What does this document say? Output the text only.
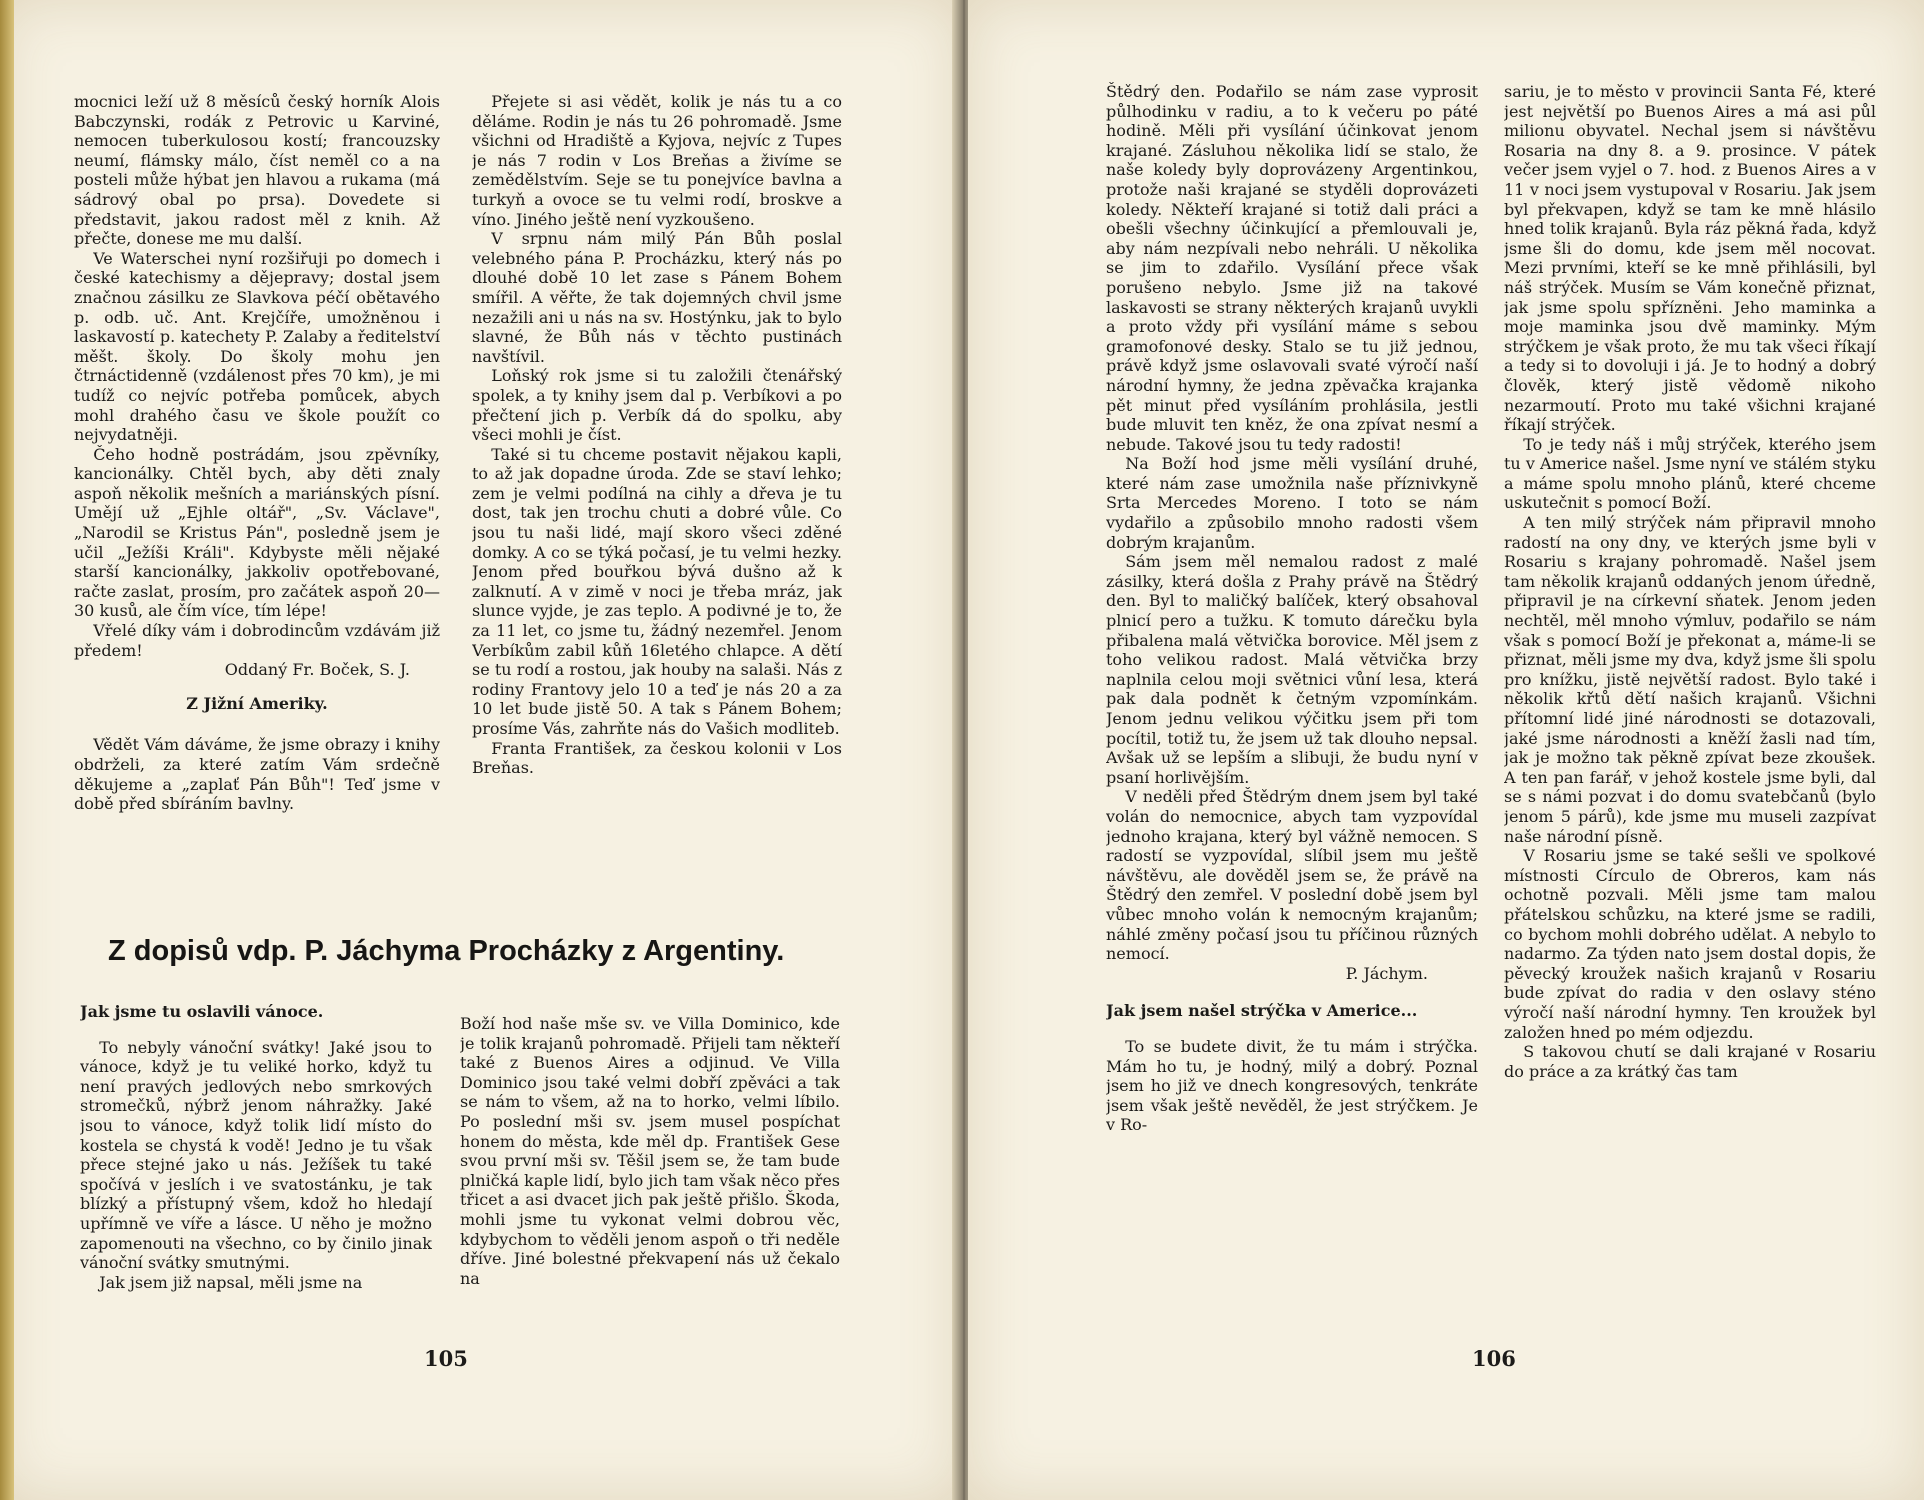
mocnici leží už 8 měsíců český horník Alois Babczynski, rodák z Petrovic u Karviné, nemocen tuberkulosou kostí; francouzsky neumí, flámsky málo, číst neměl co a na posteli může hýbat jen hlavou a rukama (má sádrový obal po prsa). Dovedete si představit, jakou radost měl z knih. Až přečte, donese me mu další.

Ve Waterschei nyní rozšiřuji po domech i české katechismy a dějepravy; dostal jsem značnou zásilku ze Slavkova péčí obětavého p. odb. uč. Ant. Krejčíře, umožněnou i laskavostí p. katechety P. Zalaby a ředitelství měšt. školy. Do školy mohu jen čtrnáctidenně (vzdálenost přes 70 km), je mi tudíž co nejvíc potřeba pomůcek, abych mohl drahého času ve škole použít co nejvydatněji.

Čeho hodně postrádám, jsou zpěvníky, kancionálky. Chtěl bych, aby děti znaly aspoň několik mešních a mariánských písní. Umějí už „Ejhle oltář", „Sv. Václave", „Narodil se Kristus Pán", posledně jsem je učil „Ježíši Králi". Kdybyste měli nějaké starší kancionálky, jakkoliv opotřebované, račte zaslat, prosím, pro začátek aspoň 20—30 kusů, ale čím více, tím lépe!

Vřelé díky vám i dobrodincům vzdávám již předem!

Oddaný Fr. Boček, S. J.

Z Jižní Ameriky.

Vědět Vám dáváme, že jsme obrazy i knihy obdrželi, za které zatím Vám srdečně děkujeme a „zaplať Pán Bůh"! Teď jsme v době před sbíráním bavlny.

Přejete si asi vědět, kolik je nás tu a co děláme. Rodin je nás tu 26 pohromadě. Jsme všichni od Hradiště a Kyjova, nejvíc z Tupes je nás 7 rodin v Los Breňas a živíme se zemědělstvím. Seje se tu ponejvíce bavlna a turkyň a ovoce se tu velmi rodí, broskve a víno. Jiného ještě není vyzkoušeno.

V srpnu nám milý Pán Bůh poslal velebného pána P. Procházku, který nás po dlouhé době 10 let zase s Pánem Bohem smířil. A věřte, že tak dojemných chvil jsme nezažili ani u nás na sv. Hostýnku, jak to bylo slavné, že Bůh nás v těchto pustinách navštívil.

Loňský rok jsme si tu založili čtenářský spolek, a ty knihy jsem dal p. Verbíkovi a po přečtení jich p. Verbík dá do spolku, aby všeci mohli je číst.

Také si tu chceme postavit nějakou kapli, to až jak dopadne úroda. Zde se staví lehko; zem je velmi podílná na cihly a dřeva je tu dost, tak jen trochu chuti a dobré vůle. Co jsou tu naši lidé, mají skoro všeci zděné domky. A co se týká počasí, je tu velmi hezky. Jenom před bouřkou bývá dušno až k zalknutí. A v zimě v noci je třeba mráz, jak slunce vyjde, je zas teplo. A podivné je to, že za 11 let, co jsme tu, žádný nezemřel. Jenom Verbíkům zabil kůň 16letého chlapce. A dětí se tu rodí a rostou, jak houby na salaši. Nás z rodiny Frantovy jelo 10 a teď je nás 20 a za 10 let bude jistě 50. A tak s Pánem Bohem; prosíme Vás, zahrňte nás do Vašich modliteb.

Franta František, za českou kolonii v Los Breňas.

Z dopisů vdp. P. Jáchyma Procházky z Argentiny.
Jak jsme tu oslavili vánoce.

To nebyly vánoční svátky! Jaké jsou to vánoce, když je tu veliké horko, když tu není pravých jedlových nebo smrkových stromečků, nýbrž jenom náhražky. Jaké jsou to vánoce, když tolik lidí místo do kostela se chystá k vodě! Jedno je tu však přece stejné jako u nás. Ježíšek tu také spočívá v jeslích i ve svatostánku, je tak blízký a přístupný všem, kdož ho hledají upřímně ve víře a lásce. U něho je možno zapomenouti na všechno, co by činilo jinak vánoční svátky smutnými.

Jak jsem již napsal, měli jsme na

Boží hod naše mše sv. ve Villa Dominico, kde je tolik krajanů pohromadě. Přijeli tam někteří také z Buenos Aires a odjinud. Ve Villa Dominico jsou také velmi dobří zpěváci a tak se nám to všem, až na to horko, velmi líbilo. Po poslední mši sv. jsem musel pospíchat honem do města, kde měl dp. František Gese svou první mši sv. Těšil jsem se, že tam bude plničká kaple lidí, bylo jich tam však něco přes třicet a asi dvacet jich pak ještě přišlo. Škoda, mohli jsme tu vykonat velmi dobrou věc, kdybychom to věděli jenom aspoň o tři neděle dříve. Jiné bolestné překvapení nás už čekalo na

105

Štědrý den. Podařilo se nám zase vyprosit půlhodinku v radiu, a to k večeru po páté hodině. Měli při vysílání účinkovat jenom krajané. Zásluhou několika lidí se stalo, že naše koledy byly doprovázeny Argentinkou, protože naši krajané se styděli doprovázeti koledy. Někteří krajané si totiž dali práci a obešli všechny účinkující a přemlouvali je, aby nám nezpívali nebo nehráli. U několika se jim to zdařilo. Vysílání přece však porušeno nebylo. Jsme již na takové laskavosti se strany některých krajanů uvykli a proto vždy při vysílání máme s sebou gramofonové desky. Stalo se tu již jednou, právě když jsme oslavovali svaté výročí naší národní hymny, že jedna zpěvačka krajanka pět minut před vysíláním prohlásila, jestli bude mluvit ten kněz, že ona zpívat nesmí a nebude. Takové jsou tu tedy radosti!

Na Boží hod jsme měli vysílání druhé, které nám zase umožnila naše příznivkyně Srta Mercedes Moreno. I toto se nám vydařilo a způsobilo mnoho radosti všem dobrým krajanům.

Sám jsem měl nemalou radost z malé zásilky, která došla z Prahy právě na Štědrý den. Byl to maličký balíček, který obsahoval plnicí pero a tužku. K tomuto dárečku byla přibalena malá větvička borovice. Měl jsem z toho velikou radost. Malá větvička brzy naplnila celou moji světnici vůní lesa, která pak dala podnět k četným vzpomínkám. Jenom jednu velikou výčitku jsem při tom pocítil, totiž tu, že jsem už tak dlouho nepsal. Avšak už se lepším a slibuji, že budu nyní v psaní horlivějším.

V neděli před Štědrým dnem jsem byl také volán do nemocnice, abych tam vyzpovídal jednoho krajana, který byl vážně nemocen. S radostí se vyzpovídal, slíbil jsem mu ještě návštěvu, ale dověděl jsem se, že právě na Štědrý den zemřel. V poslední době jsem byl vůbec mnoho volán k nemocným krajanům; náhlé změny počasí jsou tu příčinou různých nemocí.

P. Jáchym.

Jak jsem našel strýčka v Americe...

To se budete divit, že tu mám i strýčka. Mám ho tu, je hodný, milý a dobrý. Poznal jsem ho již ve dnech kongresových, tenkráte jsem však ještě nevěděl, že jest strýčkem. Je v Ro-

sariu, je to město v provincii Santa Fé, které jest největší po Buenos Aires a má asi půl milionu obyvatel. Nechal jsem si návštěvu Rosaria na dny 8. a 9. prosince. V pátek večer jsem vyjel o 7. hod. z Buenos Aires a v 11 v noci jsem vystupoval v Rosariu. Jak jsem byl překvapen, když se tam ke mně hlásilo hned tolik krajanů. Byla ráz pěkná řada, když jsme šli do domu, kde jsem měl nocovat. Mezi prvními, kteří se ke mně přihlásili, byl náš strýček. Musím se Vám konečně přiznat, jak jsme spolu spřízněni. Jeho maminka a moje maminka jsou dvě maminky. Mým strýčkem je však proto, že mu tak všeci říkají a tedy si to dovoluji i já. Je to hodný a dobrý člověk, který jistě vědomě nikoho nezarmoutí. Proto mu také všichni krajané říkají strýček.

To je tedy náš i můj strýček, kterého jsem tu v Americe našel. Jsme nyní ve stálém styku a máme spolu mnoho plánů, které chceme uskutečnit s pomocí Boží.

A ten milý strýček nám připravil mnoho radostí na ony dny, ve kterých jsme byli v Rosariu s krajany pohromadě. Našel jsem tam několik krajanů oddaných jenom úředně, připravil je na církevní sňatek. Jenom jeden nechtěl, měl mnoho výmluv, podařilo se nám však s pomocí Boží je překonat a, máme-li se přiznat, měli jsme my dva, když jsme šli spolu pro knížku, jistě největší radost. Bylo také i několik křtů dětí našich krajanů. Všichni přítomní lidé jiné národnosti se dotazovali, jaké jsme národnosti a kněží žasli nad tím, jak je možno tak pěkně zpívat beze zkoušek. A ten pan farář, v jehož kostele jsme byli, dal se s námi pozvat i do domu svatebčanů (bylo jenom 5 párů), kde jsme mu museli zazpívat naše národní písně.

V Rosariu jsme se také sešli ve spolkové místnosti Círculo de Obreros, kam nás ochotně pozvali. Měli jsme tam malou přátelskou schůzku, na které jsme se radili, co bychom mohli dobrého udělat. A nebylo to nadarmo. Za týden nato jsem dostal dopis, že pěvecký kroužek našich krajanů v Rosariu bude zpívat do radia v den oslavy sténo výročí naší národní hymny. Ten kroužek byl založen hned po mém odjezdu.

S takovou chutí se dali krajané v Rosariu do práce a za krátký čas tam

106
